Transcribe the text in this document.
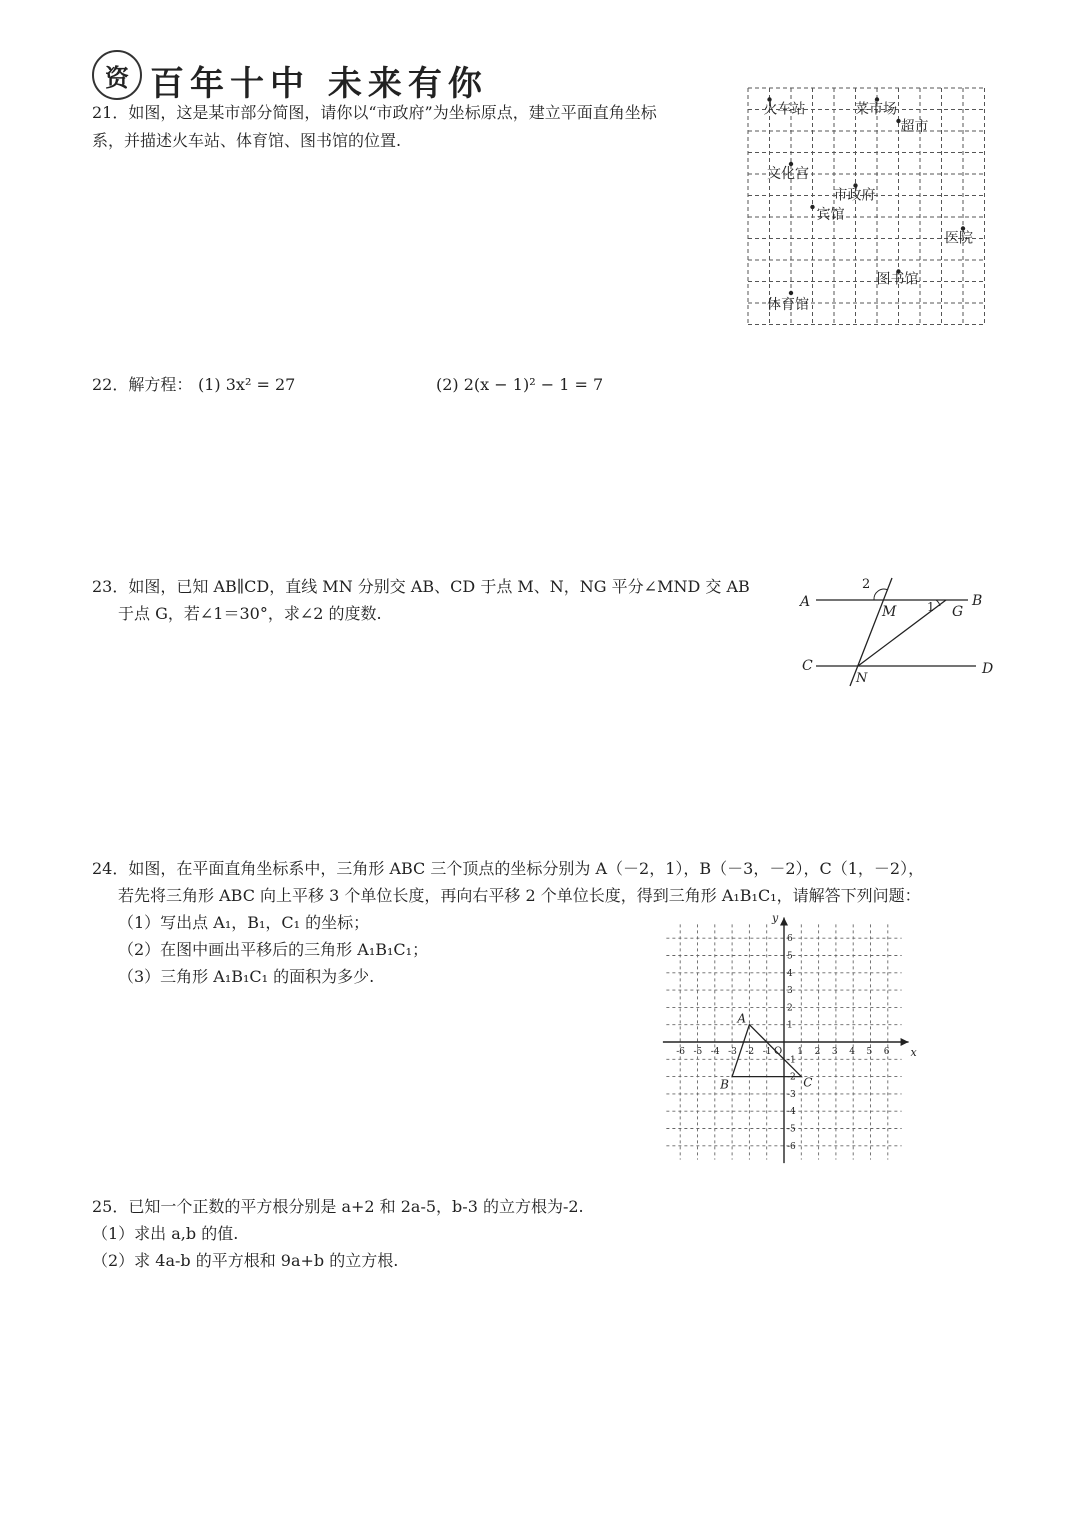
资 百年十中 未来有你
21．如图，这是某市部分简图，请你以“市政府”为坐标原点，建立平面直角坐标
系，并描述火车站、体育馆、图书馆的位置.
火车站	菜市场
超市
文化宫
市政府
宾馆
医院
图书馆
体育馆
22．解方程： (1) 3x² = 27	(2) 2(x − 1)² − 1 = 7
23．如图，已知 AB∥CD，直线 MN 分别交 AB、CD 于点 M、N，NG 平分∠MND 交 AB
于点 G，若∠1＝30°，求∠2 的度数.
A	B
C	D
M
N
G
1
2
24．如图，在平面直角坐标系中，三角形 ABC 三个顶点的坐标分别为 A（－2，1），B（－3，－2），C（1，－2），
若先将三角形 ABC 向上平移 3 个单位长度，再向右平移 2 个单位长度，得到三角形 A₁B₁C₁，请解答下列问题：
（1）写出点 A₁，B₁，C₁ 的坐标；
（2）在图中画出平移后的三角形 A₁B₁C₁；
（3）三角形 A₁B₁C₁ 的面积为多少.
x
y
O
-6 -5 -4 -3 -2 -1	1 2 3 4 5 6
6
5
4
3
2
1
-1
-2
-3
-4
-5
-6
A
B	C
25．已知一个正数的平方根分别是 a+2 和 2a-5，b-3 的立方根为-2.
（1）求出 a,b 的值.
（2）求 4a-b 的平方根和 9a+b 的立方根.
